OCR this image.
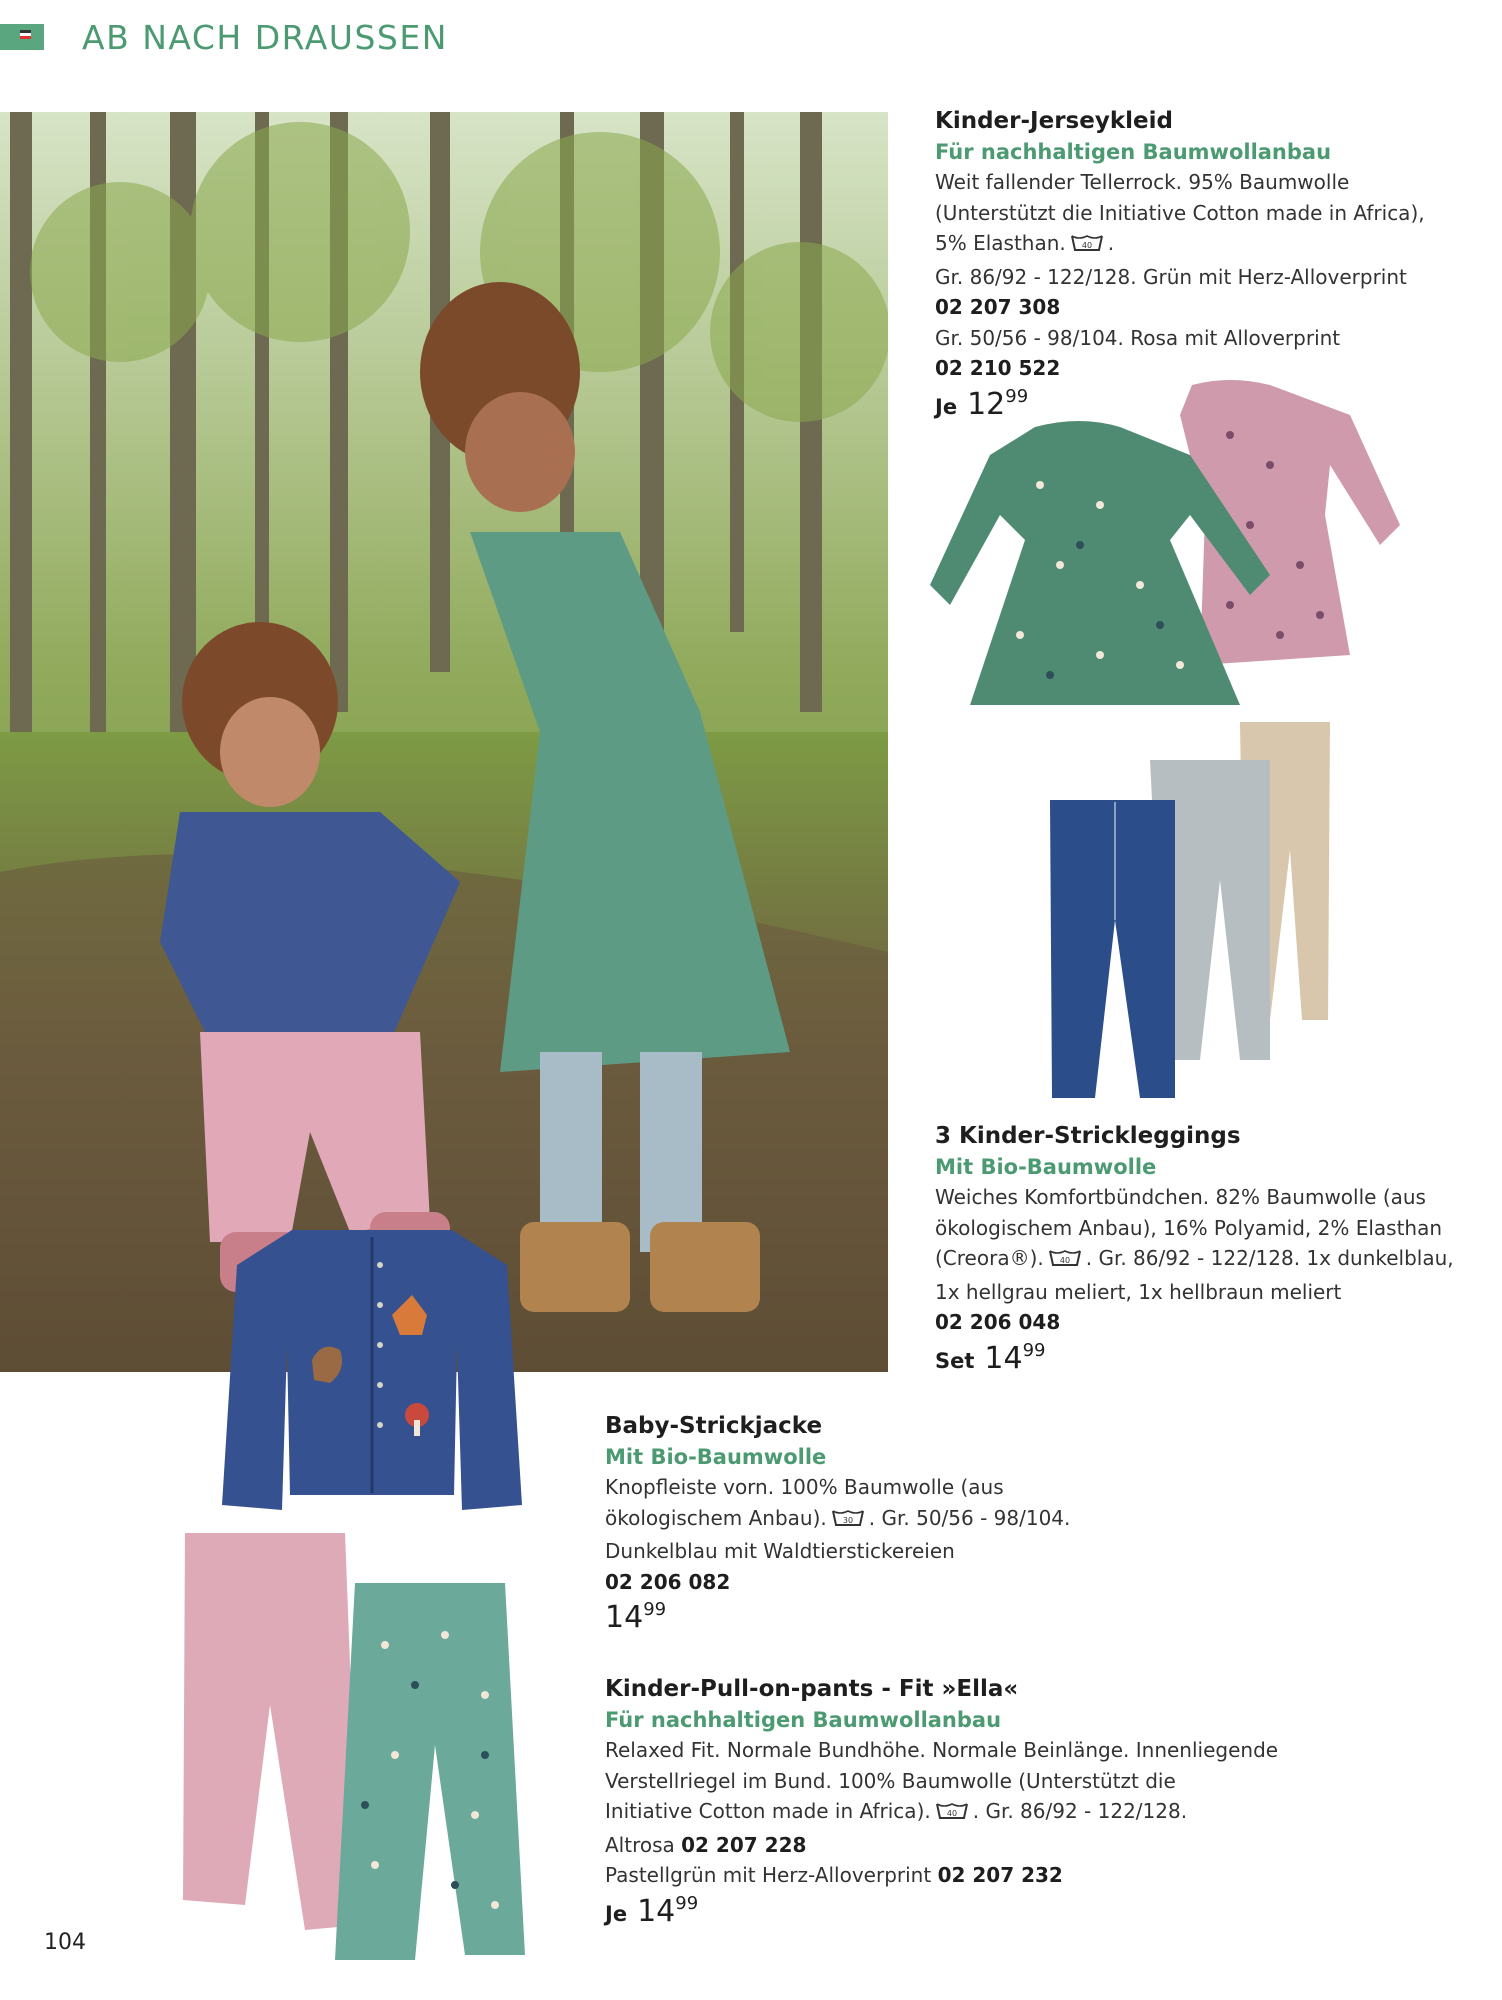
AB NACH DRAUSSEN
Kinder-Jerseykleid
Für nachhaltigen Baumwollanbau
Weit fallender Tellerrock. 95% Baumwolle
(Unterstützt die Initiative Cotton made in Africa),
5% Elasthan. 40 .
Gr. 86/92 - 122/128. Grün mit Herz-Alloverprint
02 207 308
Gr. 50/56 - 98/104. Rosa mit Alloverprint
02 210 522
Je 12 99
3 Kinder-Strickleggings
Mit Bio-Baumwolle
Weiches Komfortbündchen. 82% Baumwolle (aus
ökologischem Anbau), 16% Polyamid, 2% Elasthan
(Creora®). 40 . Gr. 86/92 - 122/128. 1x dunkelblau,
1x hellgrau meliert, 1x hellbraun meliert
02 206 048
Set 14 99
Baby-Strickjacke
Mit Bio-Baumwolle
Knopfleiste vorn. 100% Baumwolle (aus
ökologischem Anbau). 30 . Gr. 50/56 - 98/104.
Dunkelblau mit Waldtierstickereien
02 206 082
14 99
Kinder-Pull-on-pants - Fit »Ella«
Für nachhaltigen Baumwollanbau
Relaxed Fit. Normale Bundhöhe. Normale Beinlänge. Innenliegende
Verstellriegel im Bund. 100% Baumwolle (Unterstützt die
Initiative Cotton made in Africa). 40 . Gr. 86/92 - 122/128.
Altrosa 02 207 228
Pastellgrün mit Herz-Alloverprint 02 207 232
Je 14 99
104
